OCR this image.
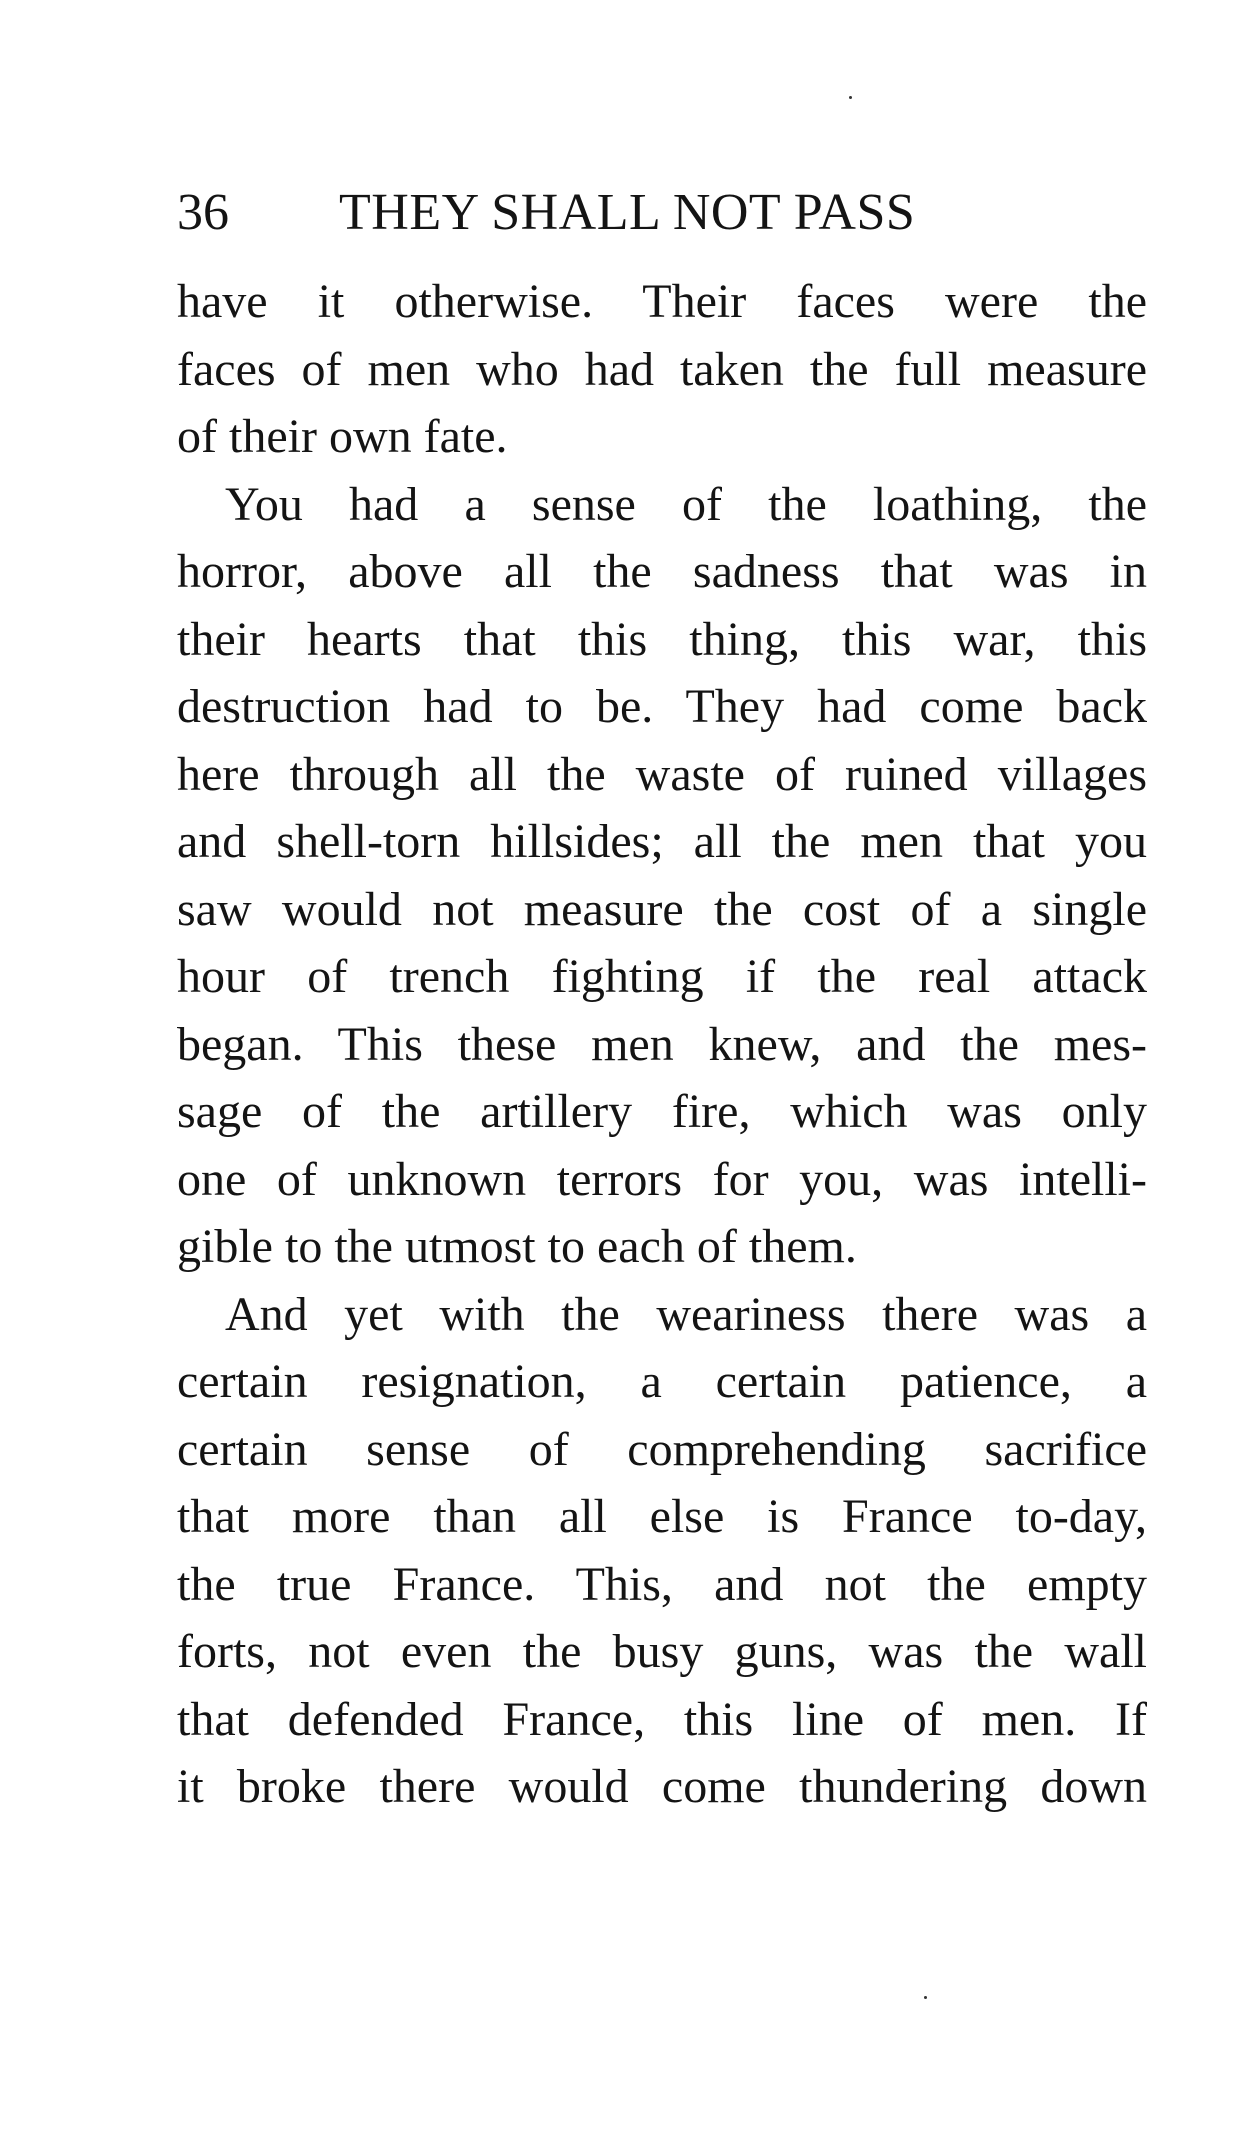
36 THEY SHALL NOT PASS
have it otherwise. Their faces were the
faces of men who had taken the full measure
of their own fate.
You had a sense of the loathing, the
horror, above all the sadness that was in
their hearts that this thing, this war, this
destruction had to be. They had come back
here through all the waste of ruined villages
and shell-torn hillsides; all the men that you
saw would not measure the cost of a single
hour of trench fighting if the real attack
began. This these men knew, and the mes-
sage of the artillery fire, which was only
one of unknown terrors for you, was intelli-
gible to the utmost to each of them.
And yet with the weariness there was a
certain resignation, a certain patience, a
certain sense of comprehending sacrifice
that more than all else is France to-day,
the true France. This, and not the empty
forts, not even the busy guns, was the wall
that defended France, this line of men. If
it broke there would come thundering down
